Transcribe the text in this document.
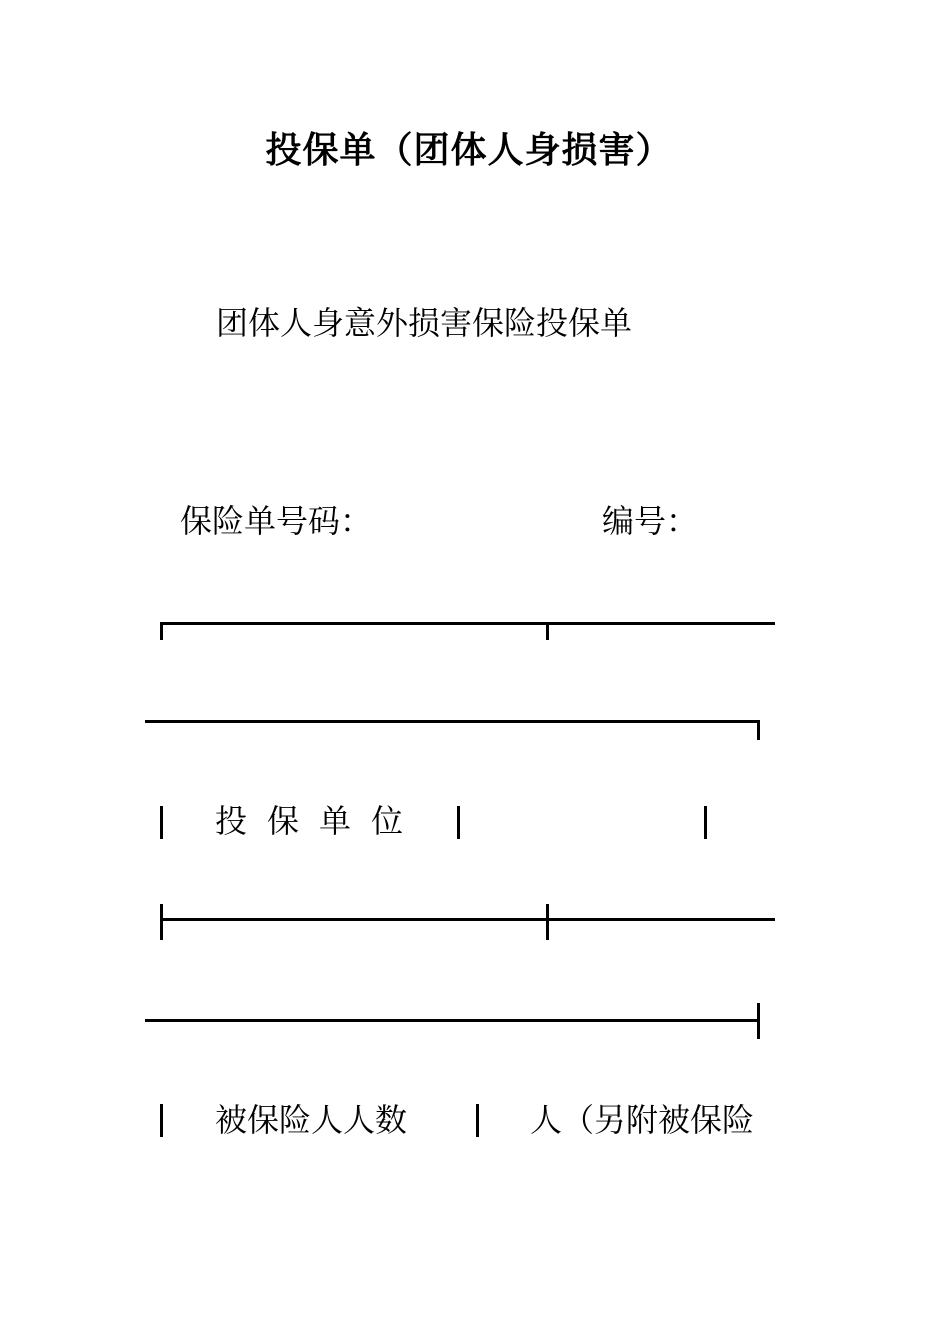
投保单（团体人身损害）
团体人身意外损害保险投保单
保险单号码：	编号：
投保单位
被保险人人数	人（另附被保险
